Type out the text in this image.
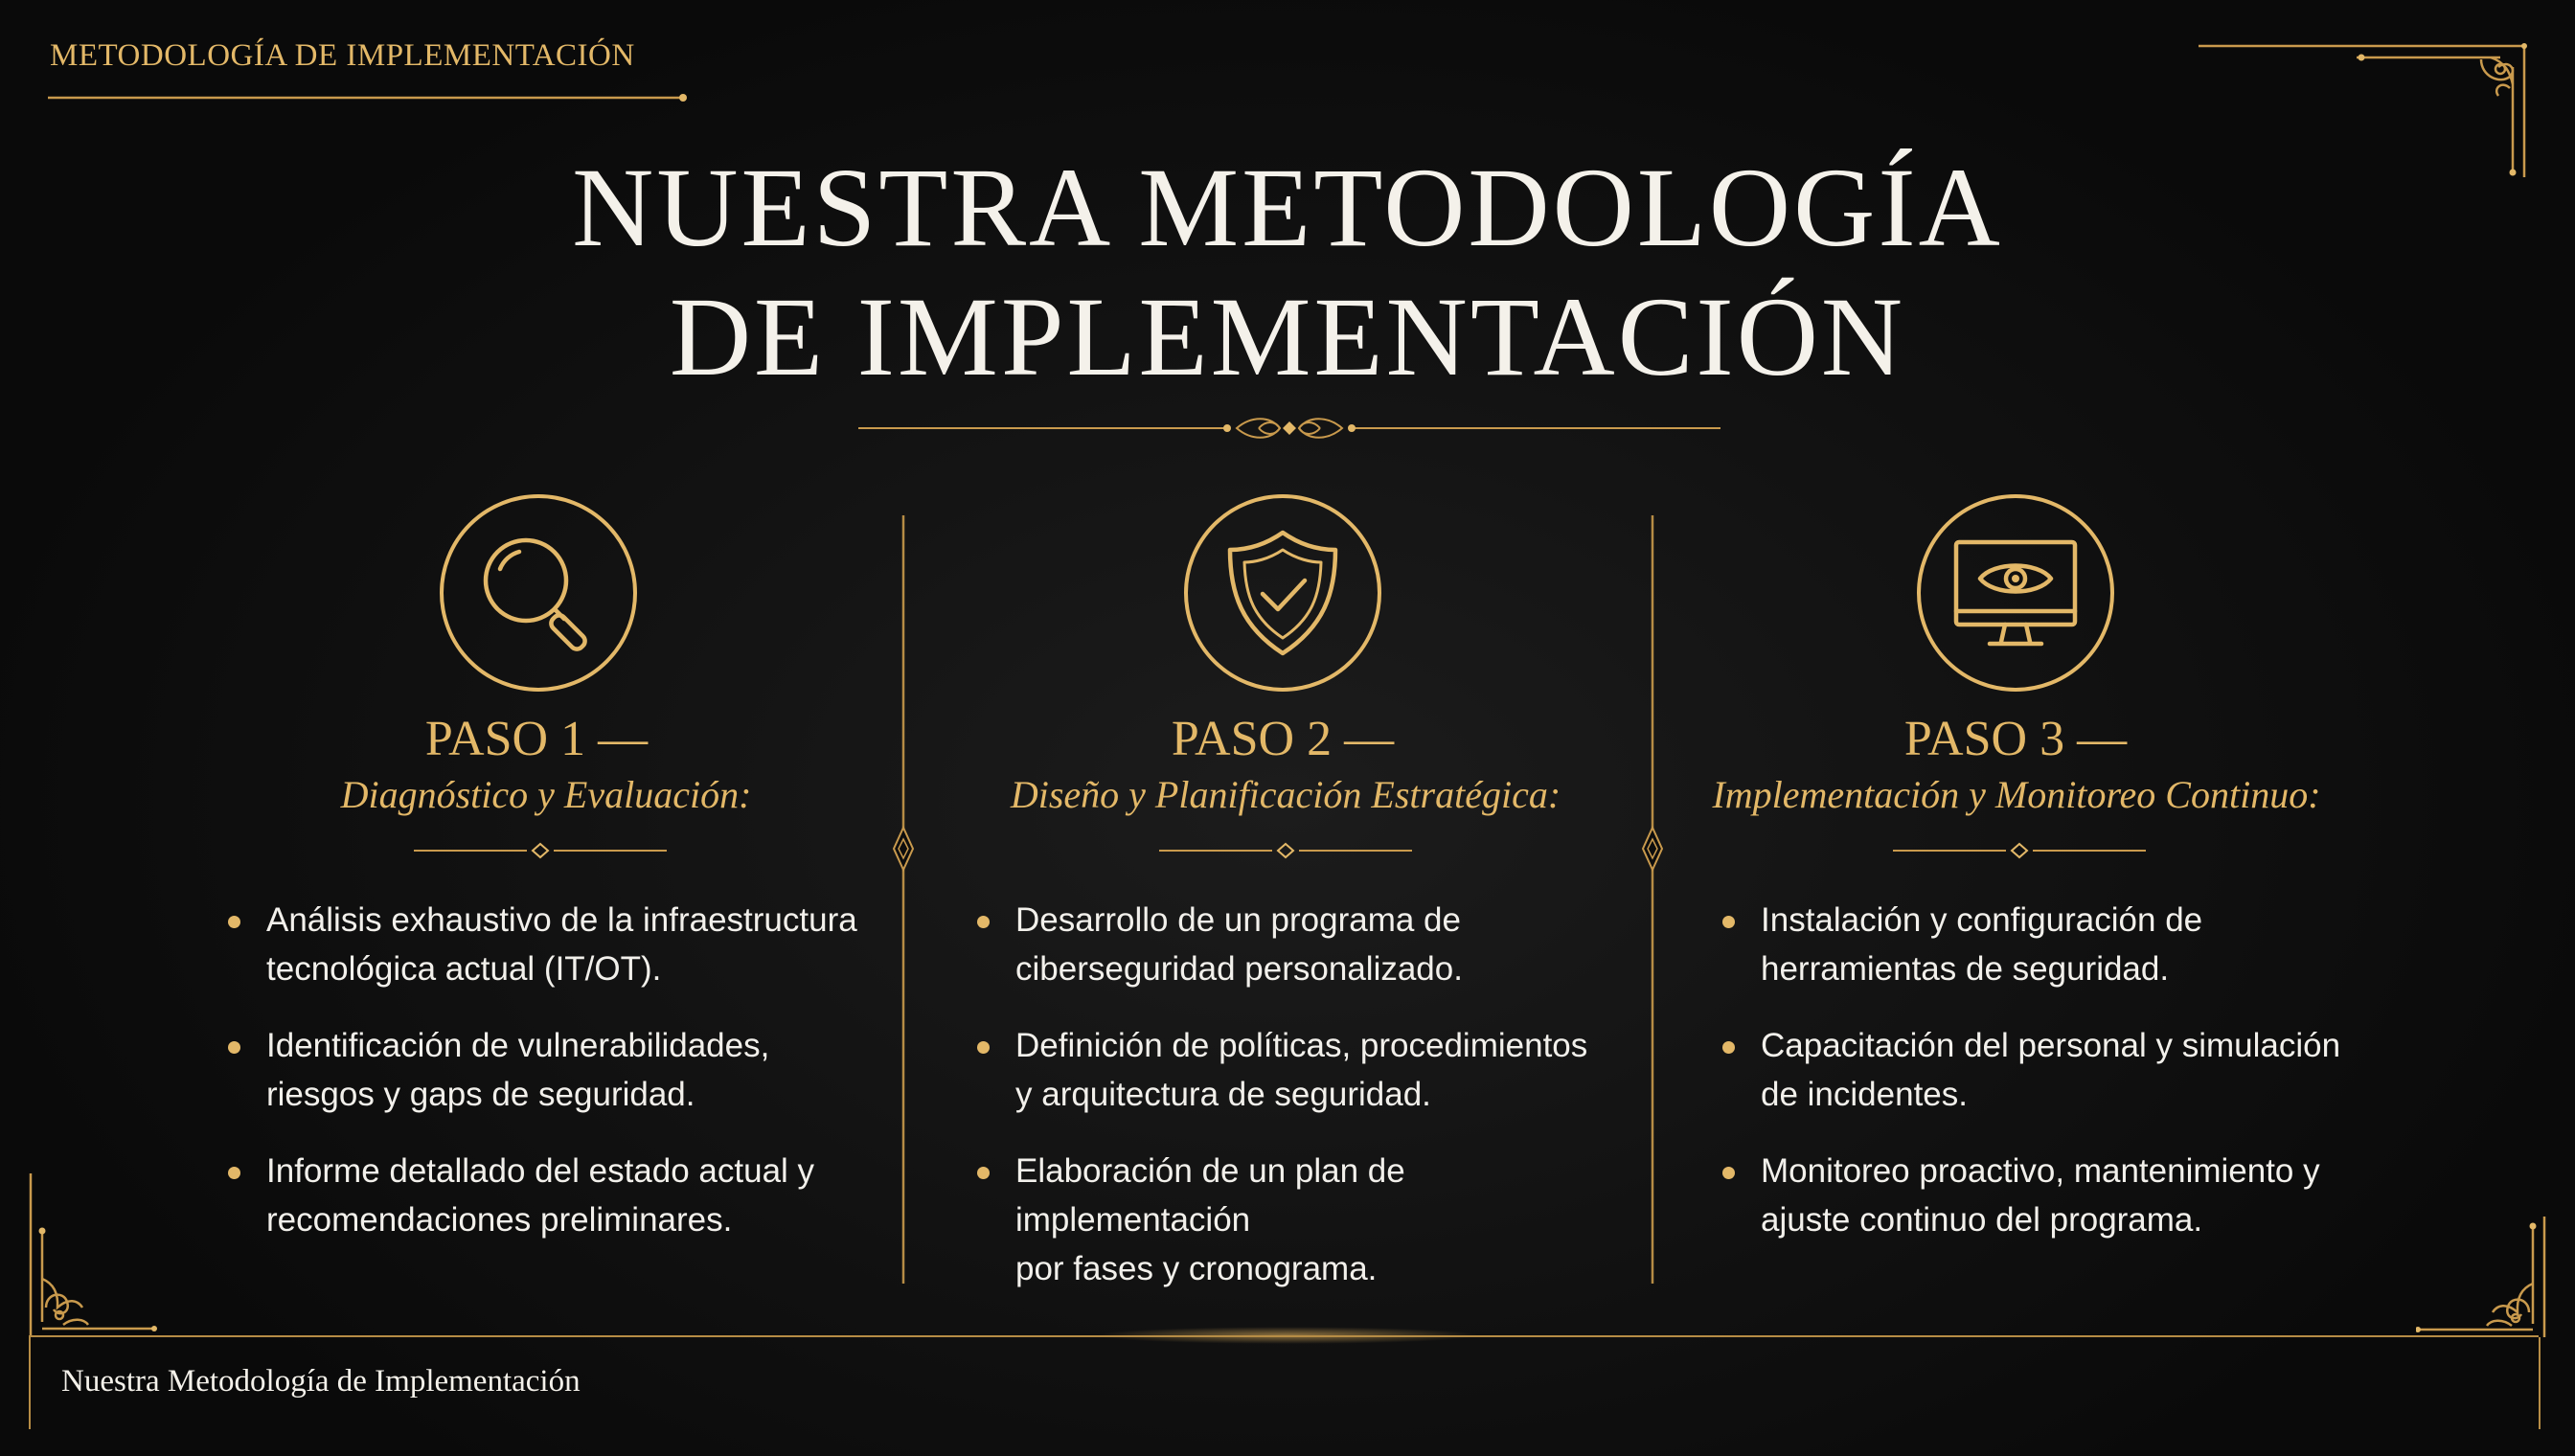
METODOLOGÍA DE IMPLEMENTACIÓN
NUESTRA METODOLOGÍA
DE IMPLEMENTACIÓN
PASO 1 —
Diagnóstico y Evaluación:
Análisis exhaustivo de la infraestructura
tecnológica actual (IT/OT).
Identificación de vulnerabilidades,
riesgos y gaps de seguridad.
Informe detallado del estado actual y
recomendaciones preliminares.
PASO 2 —
Diseño y Planificación Estratégica:
Desarrollo de un programa de
ciberseguridad personalizado.
Definición de políticas, procedimientos
y arquitectura de seguridad.
Elaboración de un plan de implementación
por fases y cronograma.
PASO 3 —
Implementación y Monitoreo Continuo:
Instalación y configuración de
herramientas de seguridad.
Capacitación del personal y simulación
de incidentes.
Monitoreo proactivo, mantenimiento y
ajuste continuo del programa.
Nuestra Metodología de Implementación
